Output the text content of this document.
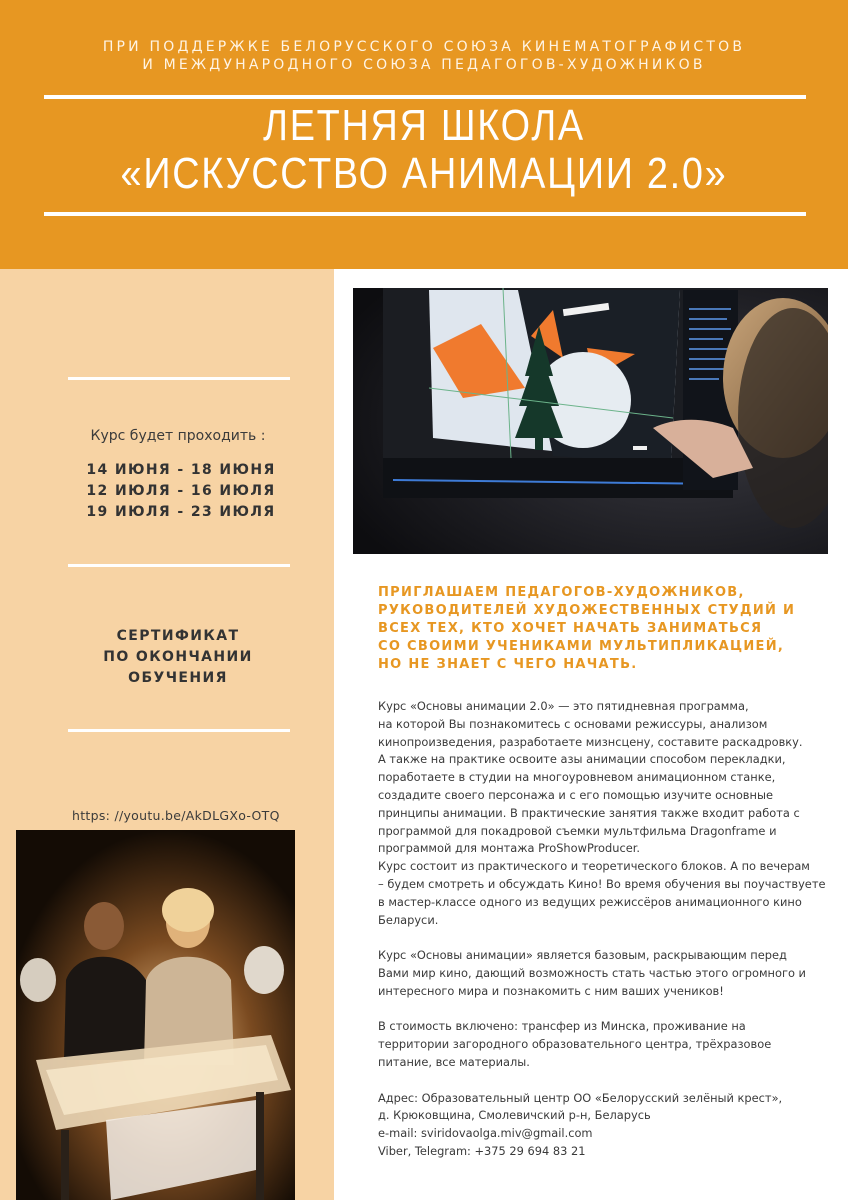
ПРИ ПОДДЕРЖКЕ БЕЛОРУССКОГО СОЮЗА КИНЕМАТОГРАФИСТОВ
И МЕЖДУНАРОДНОГО СОЮЗА ПЕДАГОГОВ-ХУДОЖНИКОВ
ЛЕТНЯЯ ШКОЛА
«ИСКУССТВО АНИМАЦИИ 2.0»
Курс будет проходить :
14 ИЮНЯ - 18 ИЮНЯ
12 ИЮЛЯ - 16 ИЮЛЯ
19 ИЮЛЯ - 23 ИЮЛЯ
СЕРТИФИКАТ
ПО ОКОНЧАНИИ
ОБУЧЕНИЯ
https: //youtu.be/AkDLGXo-OTQ
ПРИГЛАШАЕМ ПЕДАГОГОВ-ХУДОЖНИКОВ,
РУКОВОДИТЕЛЕЙ ХУДОЖЕСТВЕННЫХ СТУДИЙ И
ВСЕХ ТЕХ, КТО ХОЧЕТ НАЧАТЬ ЗАНИМАТЬСЯ
СО СВОИМИ УЧЕНИКАМИ МУЛЬТИПЛИКАЦИЕЙ,
НО НЕ ЗНАЕТ С ЧЕГО НАЧАТЬ.

Курс «Основы анимации 2.0» — это пятидневная программа,
на которой Вы познакомитесь с основами режиссуры, анализом
кинопроизведения, разработаете мизнсцену, составите раскадровку.
А также на практике освоите азы анимации способом перекладки,
поработаете в студии на многоуровневом анимационном станке,
создадите своего персонажа и с его помощью изучите основные
принципы анимации. В практические занятия также входит работа с
программой для покадровой съемки мультфильма Dragonframe и
программой для монтажа ProShowProducer.
Курс состоит из практического и теоретического блоков. А по вечерам
– будем смотреть и обсуждать Кино! Во время обучения вы поучаствуете
в мастер-классе одного из ведущих режиссёров анимационного кино
Беларуси.

Курс «Основы анимации» является базовым, раскрывающим перед
Вами мир кино, дающий возможность стать частью этого огромного и
интересного мира и познакомить с ним ваших учеников!

В стоимость включено: трансфер из Минска, проживание на
территории загородного образовательного центра, трёхразовое
питание, все материалы.

Адрес: Образовательный центр ОО «Белорусский зелёный крест»,
д. Крюковщина, Смолевичский р-н, Беларусь
e-mail: sviridovaolga.miv@gmail.com
Viber, Telegram: +375 29 694 83 21
